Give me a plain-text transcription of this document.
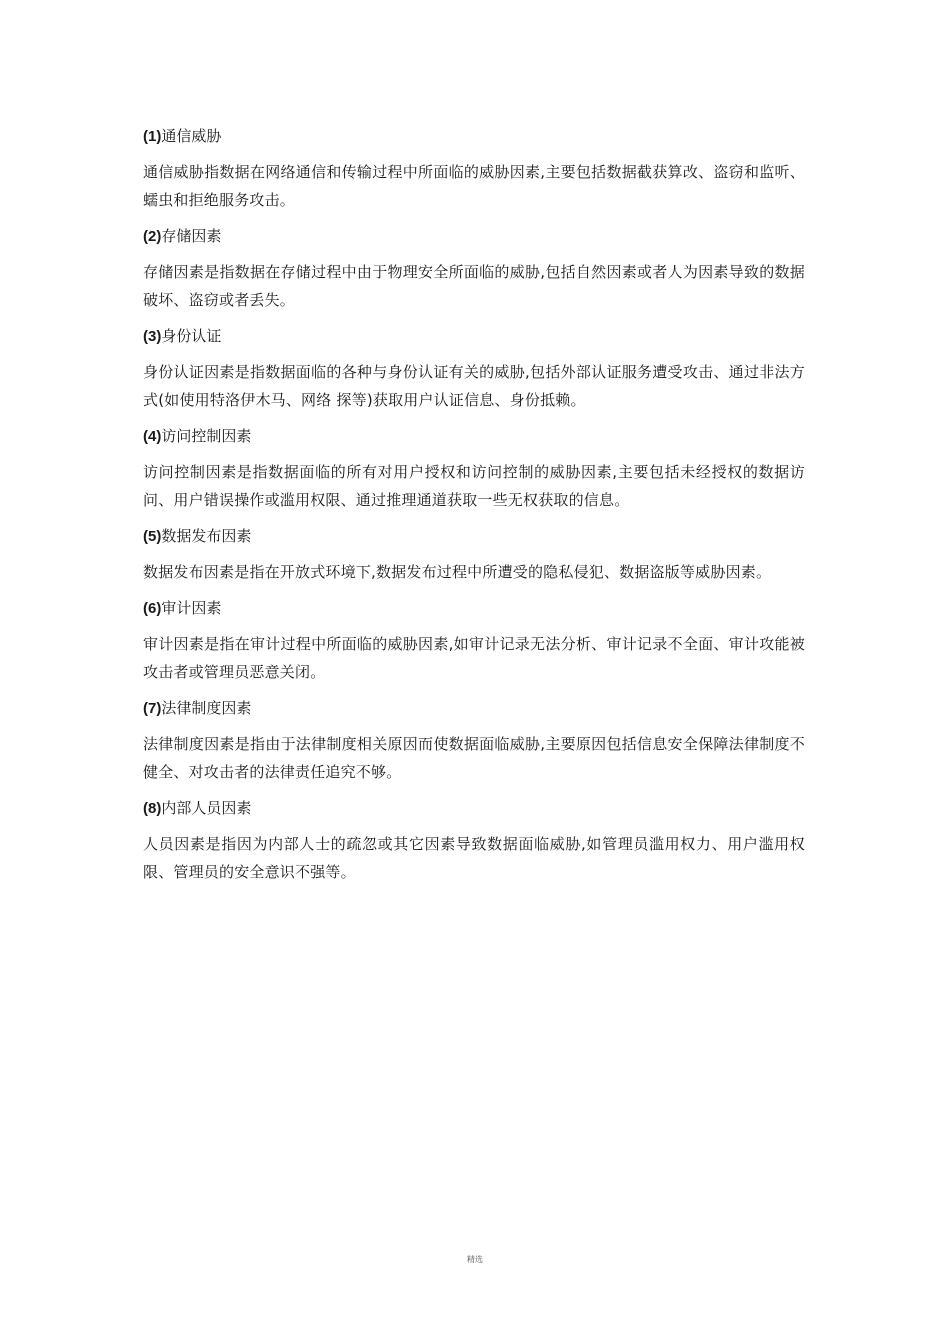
(1) 通信威胁

通信威胁指数据在网络通信和传输过程中所面临的威胁因素,主要包括数据截获算改、盗窃和监听、蠕虫和拒绝服务攻击。

(2) 存储因素

存储因素是指数据在存储过程中由于物理安全所面临的威胁,包括自然因素或者人为因素导致的数据破坏、盗窃或者丢失。

(3) 身份认证

身份认证因素是指数据面临的各种与身份认证有关的威胁,包括外部认证服务遭受攻击、通过非法方式(如使用特洛伊木马、网络 探等)获取用户认证信息、身份抵赖。

(4) 访问控制因素

访问控制因素是指数据面临的所有对用户授权和访问控制的威胁因素,主要包括未经授权的数据访问、用户错误操作或滥用权限、通过推理通道获取一些无权获取的信息。

(5) 数据发布因素

数据发布因素是指在开放式环境下,数据发布过程中所遭受的隐私侵犯、数据盗版等威胁因素。

(6) 审计因素

审计因素是指在审计过程中所面临的威胁因素,如审计记录无法分析、审计记录不全面、审计攻能被攻击者或管理员恶意关闭。

(7) 法律制度因素

法律制度因素是指由于法律制度相关原因而使数据面临威胁,主要原因包括信息安全保障法律制度不健全、对攻击者的法律责任追究不够。

(8) 内部人员因素

人员因素是指因为内部人士的疏忽或其它因素导致数据面临威胁,如管理员滥用权力、用户滥用权限、管理员的安全意识不强等。

精选
